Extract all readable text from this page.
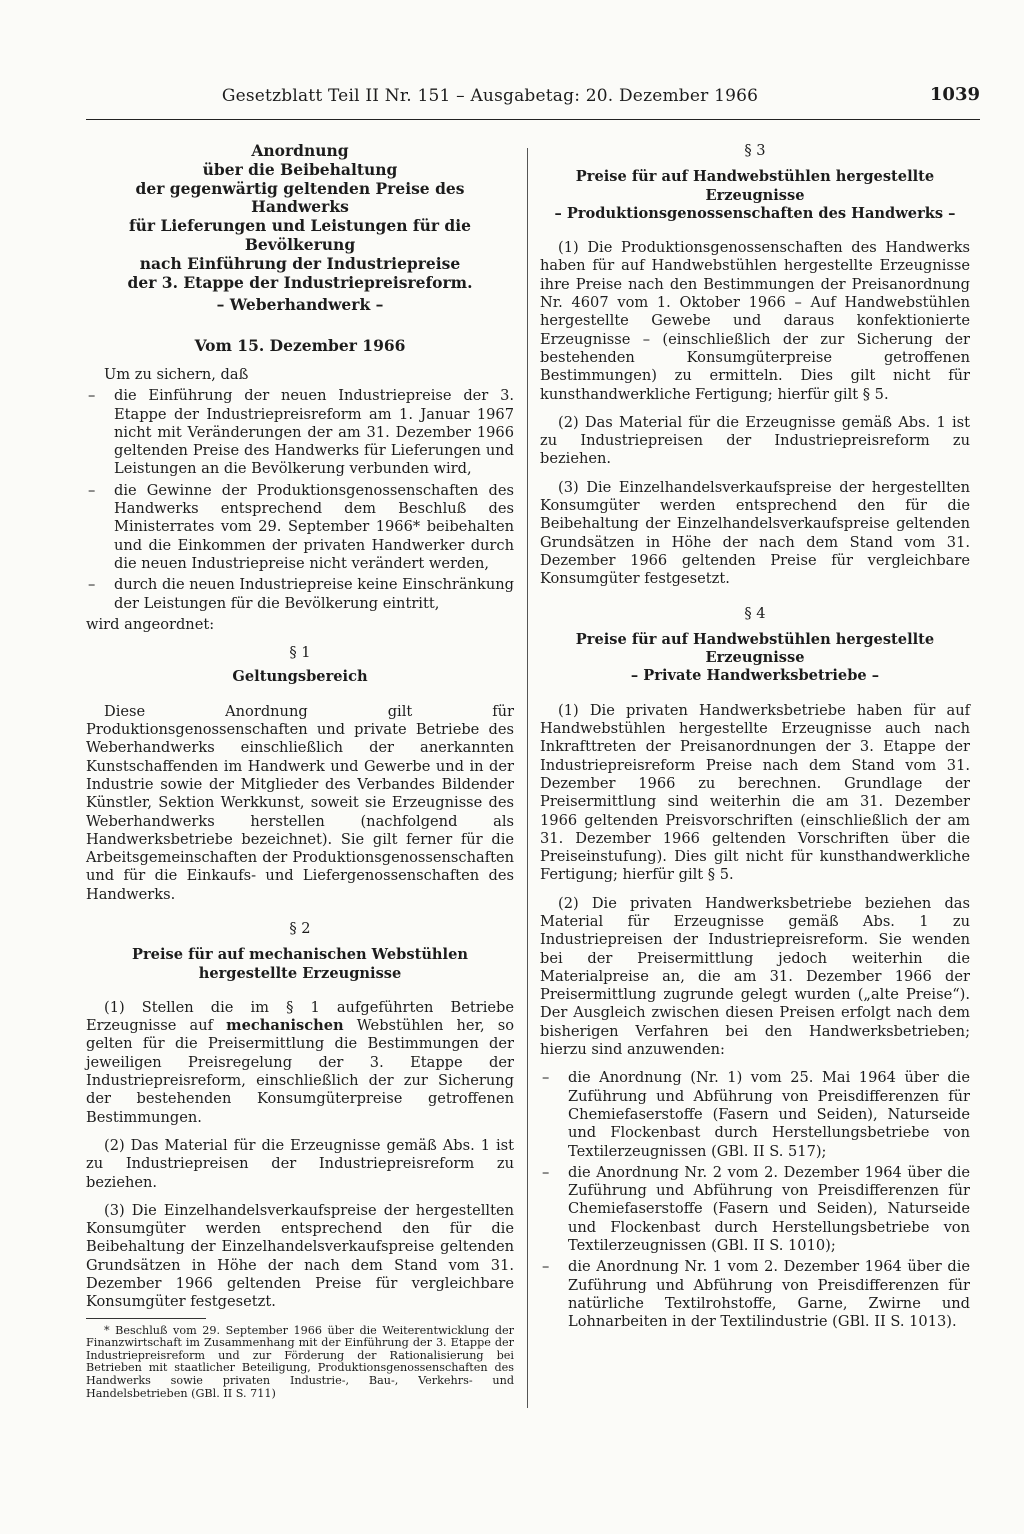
Gesetzblatt Teil II Nr. 151 – Ausgabetag: 20. Dezember 1966	1039
Anordnung
über die Beibehaltung
der gegenwärtig geltenden Preise des Handwerks
für Lieferungen und Leistungen für die Bevölkerung
nach Einführung der Industriepreise
der 3. Etappe der Industriepreisreform.
– Weberhandwerk –
Vom 15. Dezember 1966

Um zu sichern, daß

– die Einführung der neuen Industriepreise der 3. Etappe der Industriepreisreform am 1. Januar 1967 nicht mit Veränderungen der am 31. Dezember 1966 geltenden Preise des Handwerks für Lieferungen und Leistungen an die Bevölkerung verbunden wird,
– die Gewinne der Produktionsgenossenschaften des Handwerks entsprechend dem Beschluß des Ministerrates vom 29. September 1966* beibehalten und die Einkommen der privaten Handwerker durch die neuen Industriepreise nicht verändert werden,
– durch die neuen Industriepreise keine Einschränkung der Leistungen für die Bevölkerung eintritt,

wird angeordnet:

§ 1
Geltungsbereich

Diese Anordnung gilt für Produktionsgenossenschaften und private Betriebe des Weberhandwerks einschließlich der anerkannten Kunstschaffenden im Handwerk und Gewerbe und in der Industrie sowie der Mitglieder des Verbandes Bildender Künstler, Sektion Werkkunst, soweit sie Erzeugnisse des Weberhandwerks herstellen (nachfolgend als Handwerksbetriebe bezeichnet). Sie gilt ferner für die Arbeitsgemeinschaften der Produktionsgenossenschaften und für die Einkaufs- und Liefergenossenschaften des Handwerks.

§ 2
Preise für auf mechanischen Webstühlen
hergestellte Erzeugnisse

(1) Stellen die im § 1 aufgeführten Betriebe Erzeugnisse auf mechanischen Webstühlen her, so gelten für die Preisermittlung die Bestimmungen der jeweiligen Preisregelung der 3. Etappe der Industriepreisreform, einschließlich der zur Sicherung der bestehenden Konsumgüterpreise getroffenen Bestimmungen.

(2) Das Material für die Erzeugnisse gemäß Abs. 1 ist zu Industriepreisen der Industriepreisreform zu beziehen.

(3) Die Einzelhandelsverkaufspreise der hergestellten Konsumgüter werden entsprechend den für die Beibehaltung der Einzelhandelsverkaufspreise geltenden Grundsätzen in Höhe der nach dem Stand vom 31. Dezember 1966 geltenden Preise für vergleichbare Konsumgüter festgesetzt.

* Beschluß vom 29. September 1966 über die Weiterentwicklung der Finanzwirtschaft im Zusammenhang mit der Einführung der 3. Etappe der Industriepreisreform und zur Förderung der Rationalisierung bei Betrieben mit staatlicher Beteiligung, Produktionsgenossenschaften des Handwerks sowie privaten Industrie-, Bau-, Verkehrs- und Handelsbetrieben (GBl. II S. 711)

§ 3
Preise für auf Handwebstühlen hergestellte
Erzeugnisse
– Produktionsgenossenschaften des Handwerks –

(1) Die Produktionsgenossenschaften des Handwerks haben für auf Handwebstühlen hergestellte Erzeugnisse ihre Preise nach den Bestimmungen der Preisanordnung Nr. 4607 vom 1. Oktober 1966 – Auf Handwebstühlen hergestellte Gewebe und daraus konfektionierte Erzeugnisse – (einschließlich der zur Sicherung der bestehenden Konsumgüterpreise getroffenen Bestimmungen) zu ermitteln. Dies gilt nicht für kunsthandwerkliche Fertigung; hierfür gilt § 5.

(2) Das Material für die Erzeugnisse gemäß Abs. 1 ist zu Industriepreisen der Industriepreisreform zu beziehen.

(3) Die Einzelhandelsverkaufspreise der hergestellten Konsumgüter werden entsprechend den für die Beibehaltung der Einzelhandelsverkaufspreise geltenden Grundsätzen in Höhe der nach dem Stand vom 31. Dezember 1966 geltenden Preise für vergleichbare Konsumgüter festgesetzt.

§ 4
Preise für auf Handwebstühlen hergestellte
Erzeugnisse
– Private Handwerksbetriebe –

(1) Die privaten Handwerksbetriebe haben für auf Handwebstühlen hergestellte Erzeugnisse auch nach Inkrafttreten der Preisanordnungen der 3. Etappe der Industriepreisreform Preise nach dem Stand vom 31. Dezember 1966 zu berechnen. Grundlage der Preisermittlung sind weiterhin die am 31. Dezember 1966 geltenden Preisvorschriften (einschließlich der am 31. Dezember 1966 geltenden Vorschriften über die Preiseinstufung). Dies gilt nicht für kunsthandwerkliche Fertigung; hierfür gilt § 5.

(2) Die privaten Handwerksbetriebe beziehen das Material für Erzeugnisse gemäß Abs. 1 zu Industriepreisen der Industriepreisreform. Sie wenden bei der Preisermittlung jedoch weiterhin die Materialpreise an, die am 31. Dezember 1966 der Preisermittlung zugrunde gelegt wurden („alte Preise“). Der Ausgleich zwischen diesen Preisen erfolgt nach dem bisherigen Verfahren bei den Handwerksbetrieben; hierzu sind anzuwenden:

– die Anordnung (Nr. 1) vom 25. Mai 1964 über die Zuführung und Abführung von Preisdifferenzen für Chemiefaserstoffe (Fasern und Seiden), Naturseide und Flockenbast durch Herstellungsbetriebe von Textilerzeugnissen (GBl. II S. 517);
– die Anordnung Nr. 2 vom 2. Dezember 1964 über die Zuführung und Abführung von Preisdifferenzen für Chemiefaserstoffe (Fasern und Seiden), Naturseide und Flockenbast durch Herstellungsbetriebe von Textilerzeugnissen (GBl. II S. 1010);
– die Anordnung Nr. 1 vom 2. Dezember 1964 über die Zuführung und Abführung von Preisdifferenzen für natürliche Textilrohstoffe, Garne, Zwirne und Lohnarbeiten in der Textilindustrie (GBl. II S. 1013).
